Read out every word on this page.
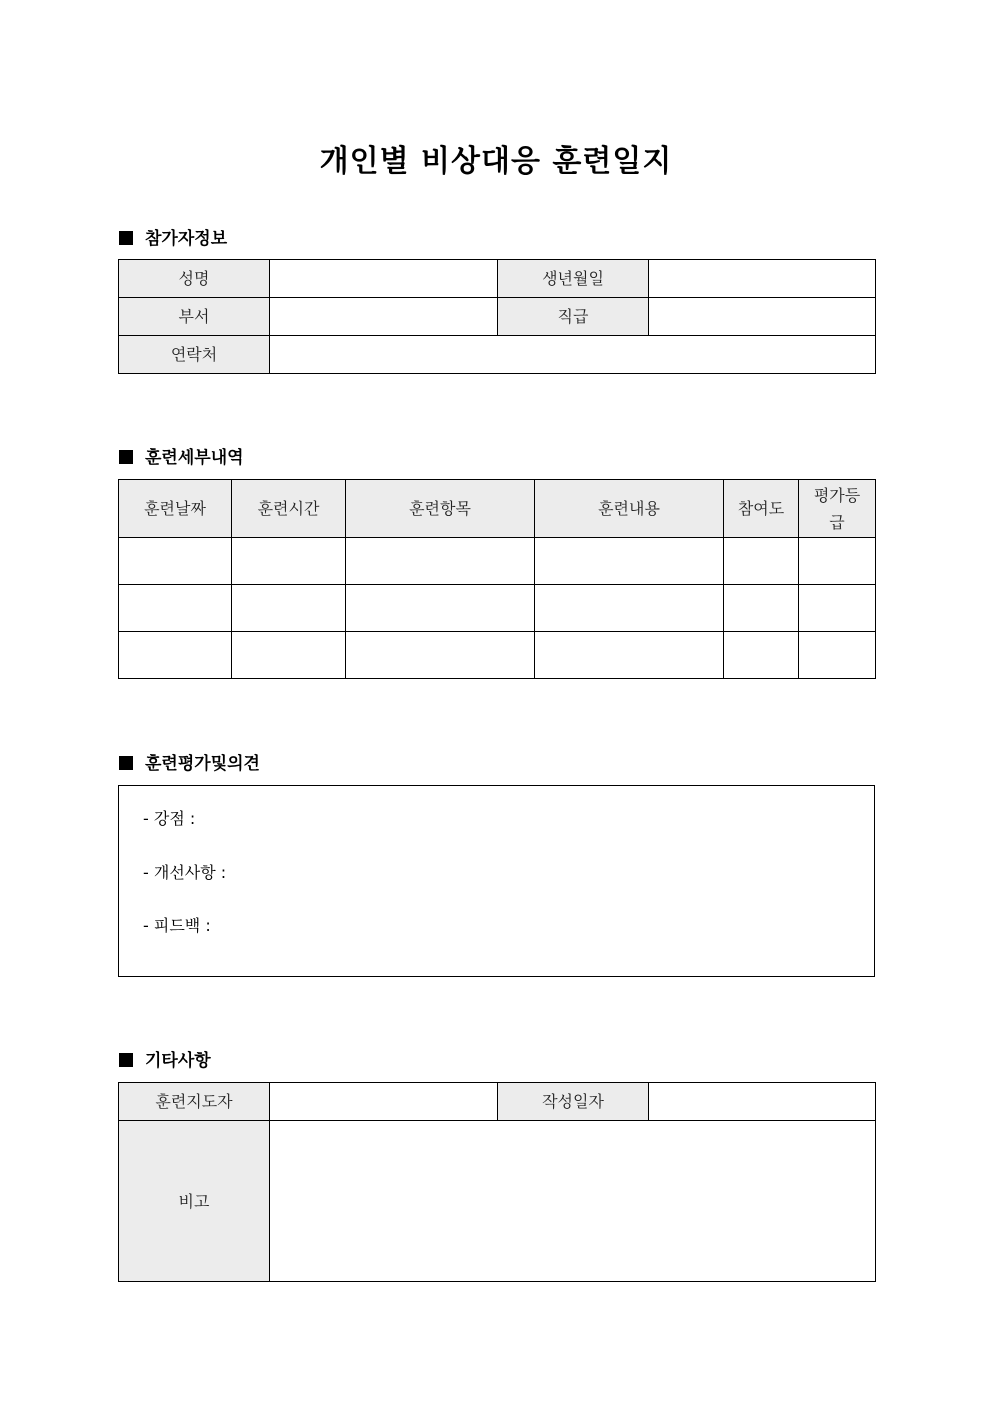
개인별 비상대응 훈련일지
참가자정보
성명		생년월일	
부서		직급	
연락처			
훈련세부내역
훈련날짜	훈련시간	훈련항목	훈련내용	참여도	평가등급

훈련평가및의견
- 강점 :
- 개선사항 :
- 피드백 :
기타사항
훈련지도자		작성일자	
비고			
